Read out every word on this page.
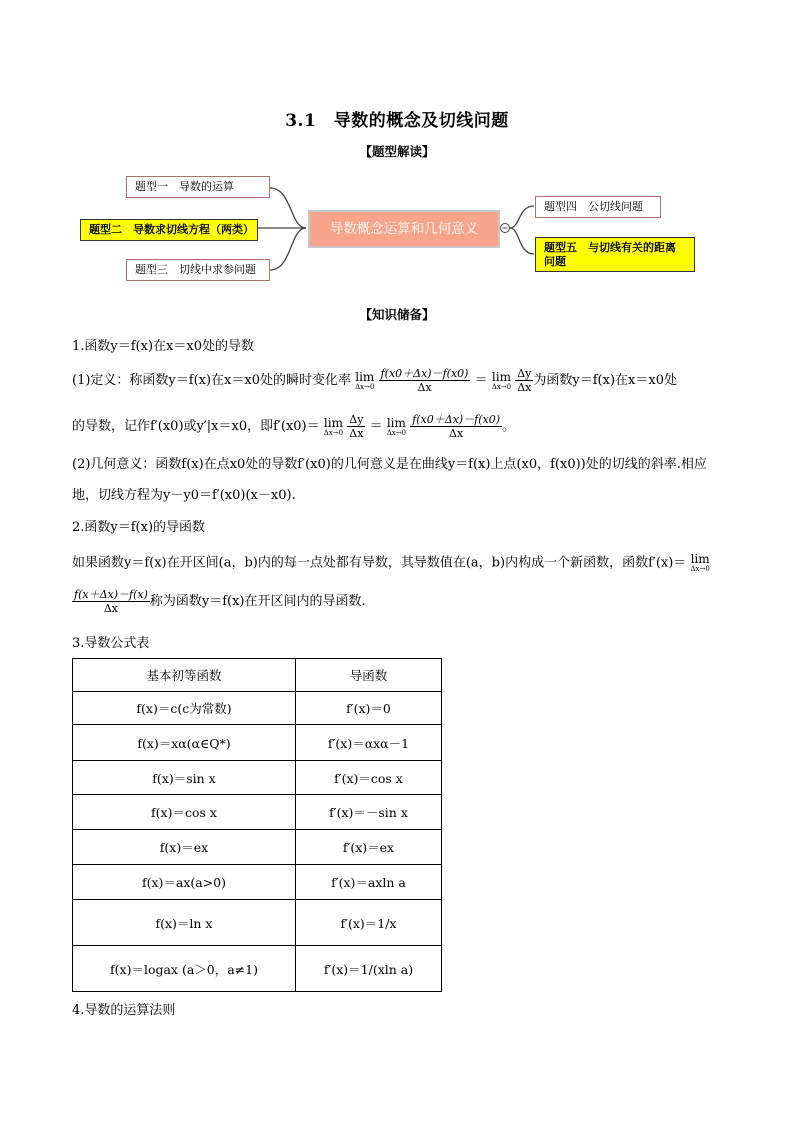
3.1　导数的概念及切线问题
【题型解读】
题型一　导数的运算
题型二　导数求切线方程（两类）
题型三　切线中求参问题
导数概念运算和几何意义
题型四　公切线问题
题型五　与切线有关的距离问题
【知识储备】
1.函数y＝f(x)在x＝x0处的导数
(1)定义：称函数y＝f(x)在x＝x0处的瞬时变化率 lim
Δx→0
$\frac{f(x0+\Delta x)-f(x0)}{\Delta x} = \lim$
Δx→0
$\frac{\Delta y}{\Delta x}$ 为函数y＝f(x)在x＝x0处
的导数，记作f′(x0)或y′|x＝x0，即f′(x0)＝ lim
Δx→0
$\frac{\Delta y}{\Delta x} = \lim$
Δx→0
$\frac{f(x0+\Delta x)-f(x0)}{\Delta x}$ 。
(2)几何意义：函数f(x)在点x0处的导数f′(x0)的几何意义是在曲线y＝f(x)上点(x0，f(x0))处的切线的斜率.相应
地，切线方程为y－y0＝f′(x0)(x－x0).
2.函数y＝f(x)的导函数
如果函数y＝f(x)在开区间(a，b)内的每一点处都有导数，其导数值在(a，b)内构成一个新函数，函数f′(x)＝ lim
Δx→0
$\frac{f(x+\Delta x)-f(x)}{\Delta x}$ 称为函数y＝f(x)在开区间内的导函数.
3.导数公式表
基本初等函数	导函数
f(x)＝c(c为常数)	f′(x)＝0
f(x)＝xα(α∈Q*)	f′(x)＝αxα－1
f(x)＝sin x	f′(x)＝cos x
f(x)＝cos x	f′(x)＝－sin x
f(x)＝ex	f′(x)＝ex
f(x)＝ax(a>0)	f′(x)＝axln a
f(x)＝ln x	f′(x)＝1/x
f(x)＝logax (a＞0，a≠1)	f′(x)＝1/(xln a)
4.导数的运算法则
